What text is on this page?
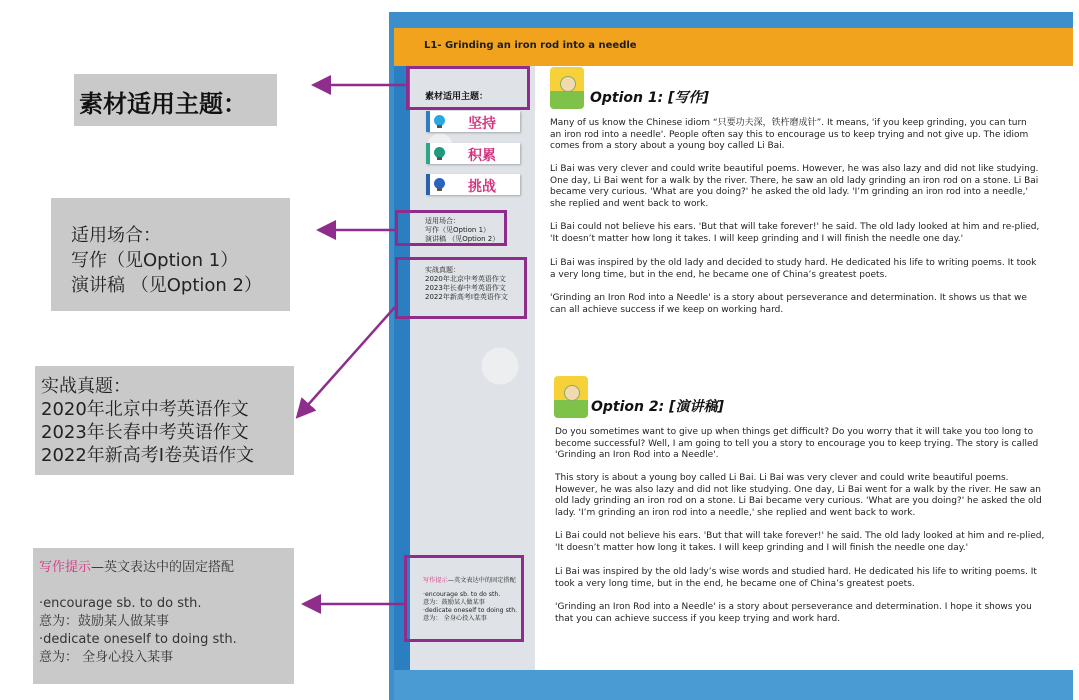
素材适用主题：
适用场合：
写作（见Option 1）
演讲稿 （见Option 2）
实战真题：
2020年北京中考英语作文
2023年长春中考英语作文
2022年新高考Ⅰ卷英语作文
写作提示—英文表达中的固定搭配
·encourage sb. to do sth.
意为：鼓励某人做某事
·dedicate oneself to doing sth.
意为： 全身心投入某事
L1- Grinding an iron rod into a needle
素材适用主题：
坚持
积累
挑战
适用场合：
写作（见Option 1）
演讲稿 （见Option 2）
实战真题：
2020年北京中考英语作文
2023年长春中考英语作文
2022年新高考Ⅰ卷英语作文
写作提示—英文表达中的固定搭配
·encourage sb. to do sth.
意为：鼓励某人做某事
·dedicate oneself to doing sth.
意为： 全身心投入某事
Option 1: [写作]
Many of us know the Chinese idiom “只要功夫深，铁杵磨成针”. It means, 'if you keep grinding, you can turn an iron rod into a needle'. People often say this to encourage us to keep trying and not give up. The idiom comes from a story about a young boy called Li Bai.
Li Bai was very clever and could write beautiful poems. However, he was also lazy and did not like studying. One day, Li Bai went for a walk by the river. There, he saw an old lady grinding an iron rod on a stone. Li Bai became very curious. 'What are you doing?' he asked the old lady. 'I’m grinding an iron rod into a needle,' she replied and went back to work.
Li Bai could not believe his ears. 'But that will take forever!' he said. The old lady looked at him and re-plied, 'It doesn’t matter how long it takes. I will keep grinding and I will finish the needle one day.'
Li Bai was inspired by the old lady and decided to study hard. He dedicated his life to writing poems. It took a very long time, but in the end, he became one of China’s greatest poets.
'Grinding an Iron Rod into a Needle' is a story about perseverance and determination. It shows us that we can all achieve success if we keep on working hard.
Option 2: [演讲稿]
Do you sometimes want to give up when things get difficult? Do you worry that it will take you too long to become successful? Well, I am going to tell you a story to encourage you to keep trying. The story is called 'Grinding an Iron Rod into a Needle'.
This story is about a young boy called Li Bai. Li Bai was very clever and could write beautiful poems. However, he was also lazy and did not like studying. One day, Li Bai went for a walk by the river. He saw an old lady grinding an iron rod on a stone. Li Bai became very curious. 'What are you doing?' he asked the old lady. 'I’m grinding an iron rod into a needle,' she replied and went back to work.
Li Bai could not believe his ears. 'But that will take forever!' he said. The old lady looked at him and re-plied, 'It doesn’t matter how long it takes. I will keep grinding and I will finish the needle one day.'
Li Bai was inspired by the old lady’s wise words and studied hard. He dedicated his life to writing poems. It took a very long time, but in the end, he became one of China’s greatest poets.
'Grinding an Iron Rod into a Needle' is a story about perseverance and determination. I hope it shows you that you can achieve success if you keep trying and work hard.
